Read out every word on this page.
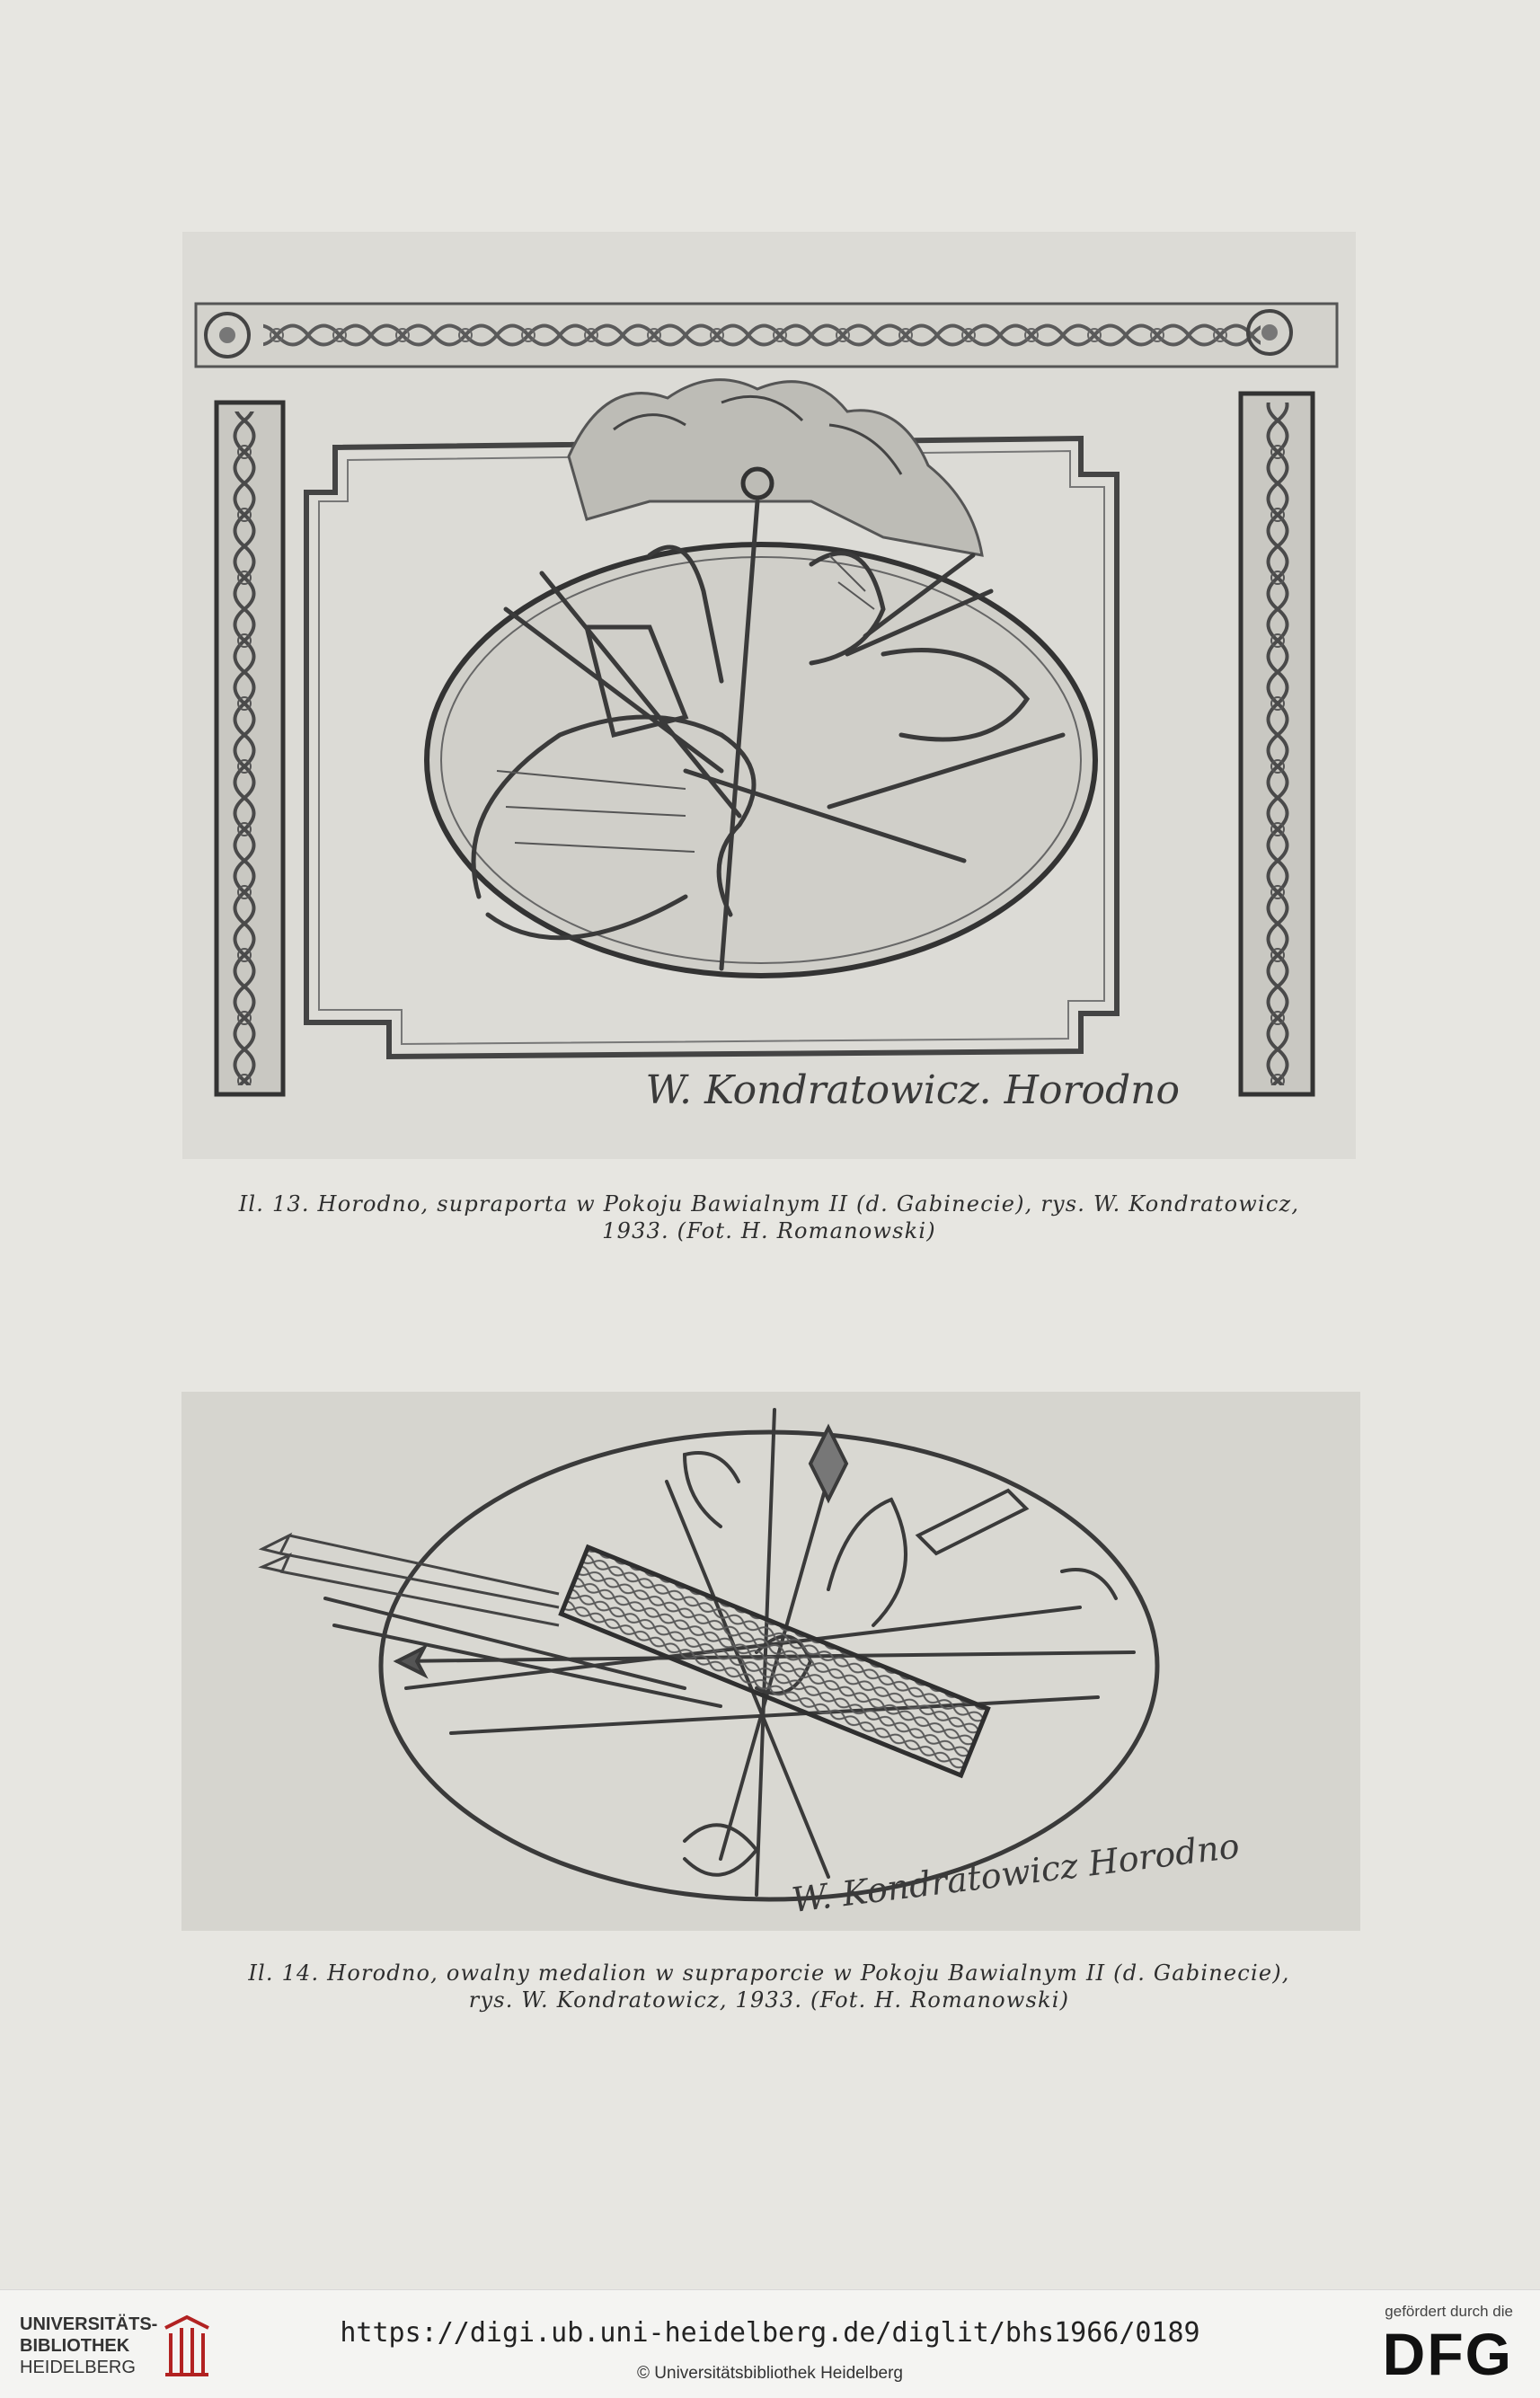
W. Kondratowicz. Horodno
Il. 13. Horodno, supraporta w Pokoju Bawialnym II (d. Gabinecie), rys. W. Kondratowicz,
1933. (Fot. H. Romanowski)
W. Kondratowicz Horodno
Il. 14. Horodno, owalny medalion w supraporcie w Pokoju Bawialnym II (d. Gabinecie),
rys. W. Kondratowicz, 1933. (Fot. H. Romanowski)
UNIVERSITÄTS-
BIBLIOTHEK
HEIDELBERG
https://digi.ub.uni-heidelberg.de/diglit/bhs1966/0189
© Universitätsbibliothek Heidelberg
gefördert durch die
DFG
